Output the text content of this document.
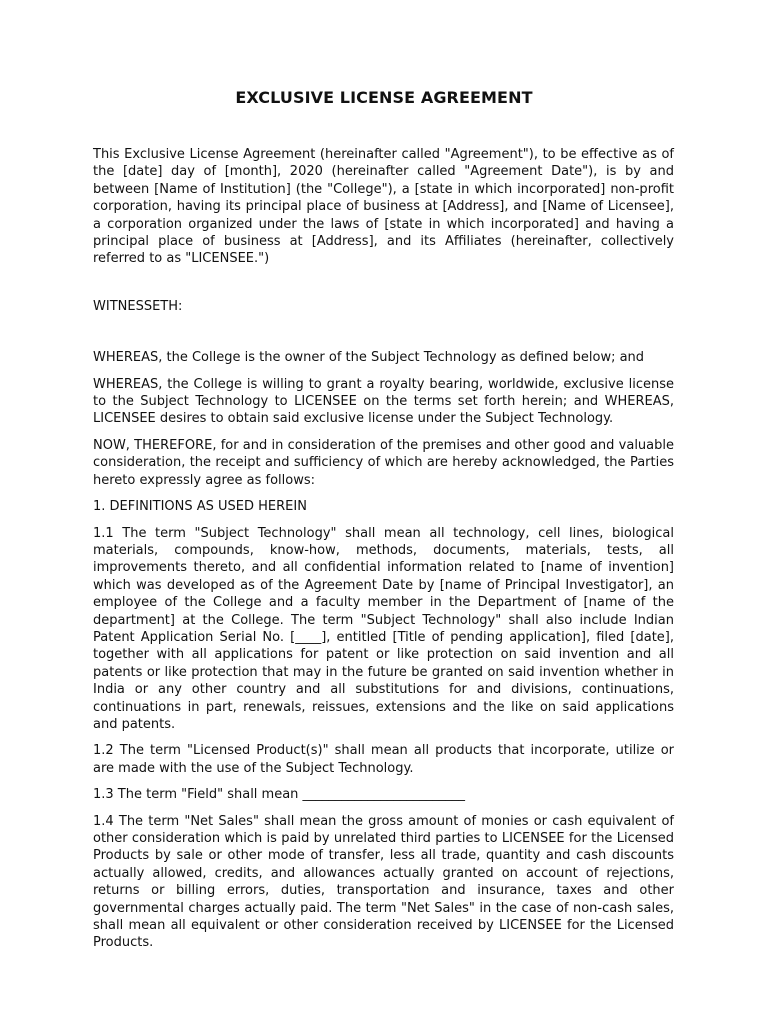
EXCLUSIVE LICENSE AGREEMENT

This Exclusive License Agreement (hereinafter called "Agreement"), to be effective as of the [date] day of [month], 2020 (hereinafter called "Agreement Date"), is by and between [Name of Institution] (the "College"), a [state in which incorporated] non-profit corporation, having its principal place of business at [Address], and [Name of Licensee], a corporation organized under the laws of [state in which incorporated] and having a principal place of business at [Address], and its Affiliates (hereinafter, collectively referred to as "LICENSEE.")

WITNESSETH:

WHEREAS, the College is the owner of the Subject Technology as defined below; and

WHEREAS, the College is willing to grant a royalty bearing, worldwide, exclusive license to the Subject Technology to LICENSEE on the terms set forth herein; and WHEREAS, LICENSEE desires to obtain said exclusive license under the Subject Technology.

NOW, THEREFORE, for and in consideration of the premises and other good and valuable consideration, the receipt and sufficiency of which are hereby acknowledged, the Parties hereto expressly agree as follows:

1. DEFINITIONS AS USED HEREIN

1.1 The term "Subject Technology" shall mean all technology, cell lines, biological materials, compounds, know-how, methods, documents, materials, tests, all improvements thereto, and all confidential information related to [name of invention] which was developed as of the Agreement Date by [name of Principal Investigator], an employee of the College and a faculty member in the Department of [name of the department] at the College. The term "Subject Technology" shall also include Indian Patent Application Serial No. [____], entitled [Title of pending application], filed [date], together with all applications for patent or like protection on said invention and all patents or like protection that may in the future be granted on said invention whether in India or any other country and all substitutions for and divisions, continuations, continuations in part, renewals, reissues, extensions and the like on said applications and patents.

1.2 The term "Licensed Product(s)" shall mean all products that incorporate, utilize or are made with the use of the Subject Technology.

1.3 The term "Field" shall mean _________________________

1.4 The term "Net Sales" shall mean the gross amount of monies or cash equivalent of other consideration which is paid by unrelated third parties to LICENSEE for the Licensed Products by sale or other mode of transfer, less all trade, quantity and cash discounts actually allowed, credits, and allowances actually granted on account of rejections, returns or billing errors, duties, transportation and insurance, taxes and other governmental charges actually paid. The term "Net Sales" in the case of non-cash sales, shall mean all equivalent or other consideration received by LICENSEE for the Licensed Products.
